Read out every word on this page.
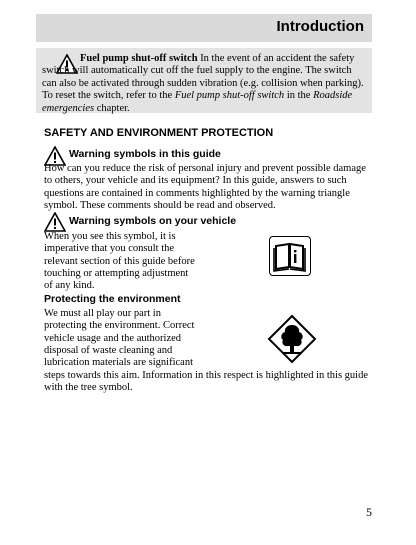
Introduction
Fuel pump shut-off switch In the event of an accident the safety switch will automatically cut off the fuel supply to the engine. The switch can also be activated through sudden vibration (e.g. collision when parking). To reset the switch, refer to the Fuel pump shut-off switch in the Roadside emergencies chapter.
SAFETY AND ENVIRONMENT PROTECTION
Warning symbols in this guide
How can you reduce the risk of personal injury and prevent possible damage to others, your vehicle and its equipment? In this guide, answers to such questions are contained in comments highlighted by the warning triangle symbol. These comments should be read and observed.
Warning symbols on your vehicle
When you see this symbol, it is
imperative that you consult the
relevant section of this guide before
touching or attempting adjustment
of any kind.
Protecting the environment
We must all play our part in
protecting the environment. Correct
vehicle usage and the authorized
disposal of waste cleaning and
lubrication materials are significant
steps towards this aim. Information in this respect is highlighted in this guide with the tree symbol.
5
